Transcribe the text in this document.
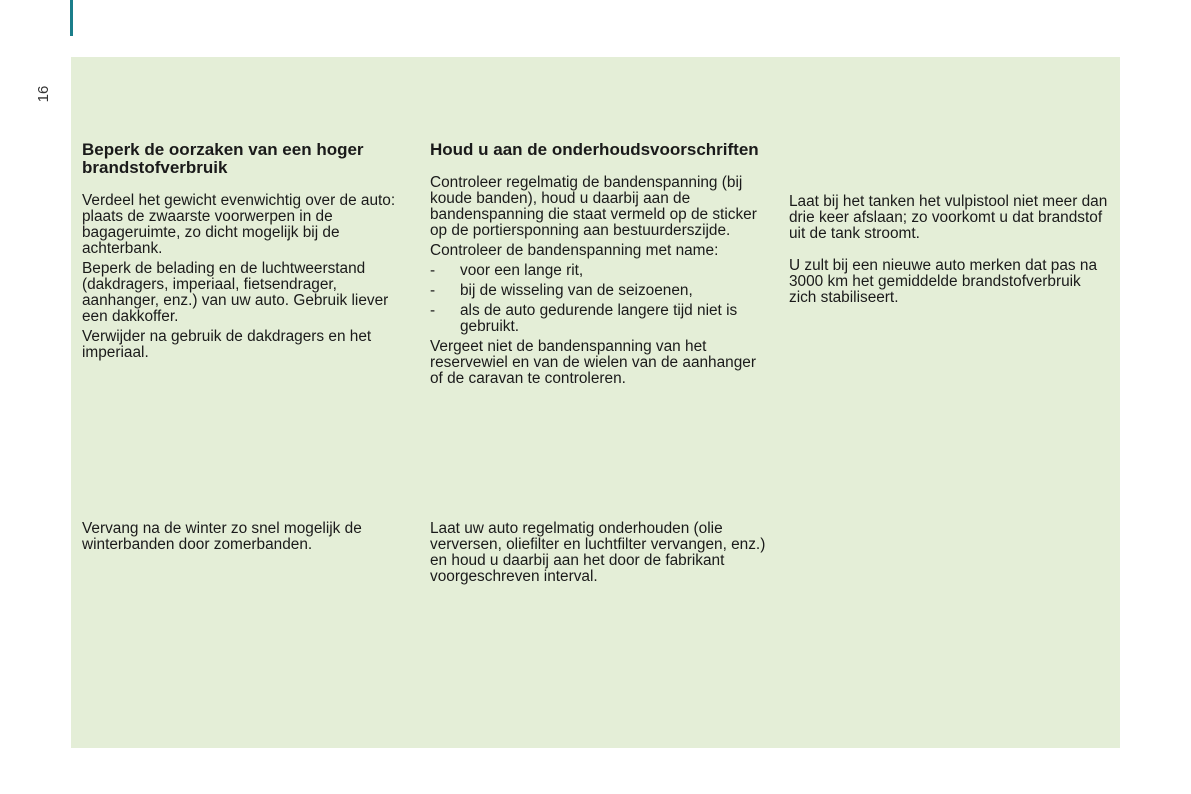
16
Beperk de oorzaken van een hoger brandstofverbruik

Verdeel het gewicht evenwichtig over de auto: plaats de zwaarste voorwerpen in de bagageruimte, zo dicht mogelijk bij de achterbank.

Beperk de belading en de luchtweerstand (dakdragers, imperiaal, fietsendrager, aanhanger, enz.) van uw auto. Gebruik liever een dakkoffer.

Verwijder na gebruik de dakdragers en het imperiaal.

Vervang na de winter zo snel mogelijk de winterbanden door zomerbanden.

Houd u aan de onderhoudsvoorschriften

Controleer regelmatig de bandenspanning (bij koude banden), houd u daarbij aan de bandenspanning die staat vermeld op de sticker op de portiersponning aan bestuurderszijde.

Controleer de bandenspanning met name:

- voor een lange rit,
- bij de wisseling van de seizoenen,
- als de auto gedurende langere tijd niet is gebruikt.

Vergeet niet de bandenspanning van het reservewiel en van de wielen van de aanhanger of de caravan te controleren.

Laat uw auto regelmatig onderhouden (olie verversen, oliefilter en luchtfilter vervangen, enz.) en houd u daarbij aan het door de fabrikant voorgeschreven interval.

Laat bij het tanken het vulpistool niet meer dan drie keer afslaan; zo voorkomt u dat brandstof uit de tank stroomt.

U zult bij een nieuwe auto merken dat pas na 3000 km het gemiddelde brandstofverbruik zich stabiliseert.
